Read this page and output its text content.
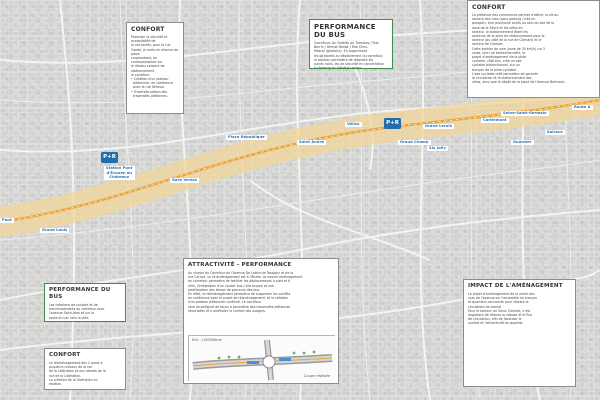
CONFORT
Favoriser la sécurité et accessibilité de
la rue Jaurès, pour la rue
Combi, je mets en réserve de place
surplombant, en correspondance sur
le réseau existant de stationnement
le carrefour.
• Création d'un plateau
piétonnier, en cohérence
avec la rue Sérieux.
• Traversée piéton des
traversées piétonnes.
PERFORMANCE DU BUS
Carrefours Av. Dalbiès au Tramway / Rue
Berrin / Hernot-Raillot / Rue Chris-
Mistral (giratoire). En supprimant
les giratoires au déplacement du carrefour,
la solution permettra de résoudre les
points noirs, les de sécurité en concertation
à l'Avenue du Général Leclerc.
CONFORT
La présence des commerces permet d'attirer la vie au
secteur des rues (sans parking / très en
parapet). Une prochaine accès au sein du site de la
zone de la Sèvre et les vélos en
secteur, le stationnement étant les
secteurs de la zone de stationnement pour le
secteur (du côté de la rue de Clamart) et le
secteur de Clamart.
Cette section de voie (zone de 30 km/h) sur 2
voies, une rue bidirectionnelle, le
projet d'aménagement de la piste
cyclable, côté bus, crée un axe
cyclable bidirectionnel, sur un
tronçon de la piste cyclable.
L'axe cyclable créé permettra de garantir
la circulation et le stationnement des
vélos, ainsi que le dépôt de la place de l'Avenue Bertrand.
ATTRACTIVITÉ - PERFORMANCE
Au niveau du Carrefour de l'Avenue De Lattre de Tassigny et de la
rue Carnot, un ré-aménagement est à l'étude. Le nouvel aménagement
du carrefour permettra de faciliter les déplacements à pied et à
vélo, l'intégration d'un couloir bus / site propre et une
amélioration des temps de parcours des bus.
En effet, le réaménagement permettra de supprimer les conflits
en cohérence avec le projet de réaménagement, et la création
d'un plateau piétonnier surélevé. Le carrefour
sera reconfiguré de façon à permettre des traversées piétonnes
sécurisées et à améliorer le confort des usagers.
Éch : 1/2000ème
Coupe réalisée
IMPACT DE L'AMÉNAGEMENT
Le projet d'aménagement de la voirie des
rues de l'avenue sur l'ensemble du tronçon
et quartiers concernés pour réduire la
circulation de transit.
Pour le secteur du Vieux Clamart, il est
important de réduire la vitesse et le flux
de circulation, afin de favoriser le
confort et l'attractivité du quartier.
PERFORMANCE DU BUS
Les créations de couloirs et de
franchissements au carrefour avec
l'avenue Saint-Jean et sur la
route du Lac vers la ville.
CONFORT
Le réaménagement des 2 quais à
plusieurs niveaux de la rue
de la Libération et aux abords de la
rue de la Libération.
La création de la Libération en
relation.
P+R
P+R
Pont
Grand Louis
Station Pont
d'Écouen en
Châteaux
Gare Vertes
Place République
Saint André
Vélizy
Grand Champ
Grand Lerois
Six Jolly
Seine-Saint-Germain
Solrace
Guardier
Route A
Cartiemont
